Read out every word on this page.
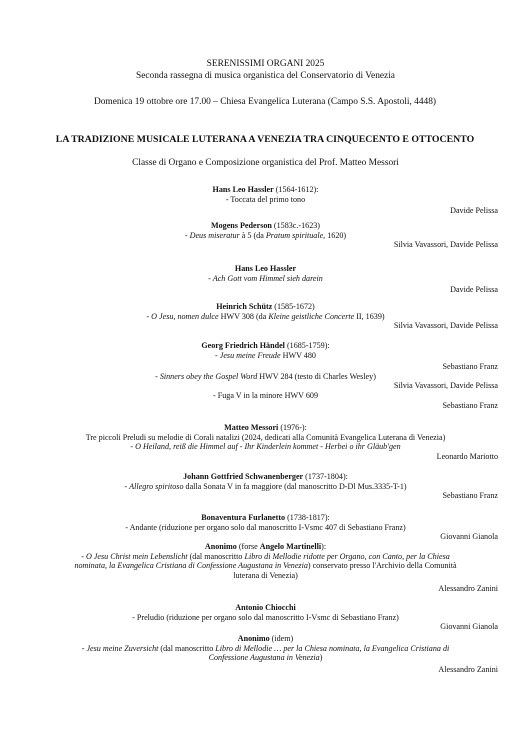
SERENISSIMI ORGANI 2025
Seconda rassegna di musica organistica del Conservatorio di Venezia
Domenica 19 ottobre ore 17.00 – Chiesa Evangelica Luterana (Campo S.S. Apostoli, 4448)
LA TRADIZIONE MUSICALE LUTERANA A VENEZIA TRA CINQUECENTO E OTTOCENTO
Classe di Organo e Composizione organistica del Prof. Matteo Messori
Hans Leo Hassler (1564-1612):
- Toccata del primo tono
Davide Pelissa
Mogens Pederson (1583c.-1623)
- Deus miseratur à 5 (da Pratum spirituale, 1620)
Silvia Vavassori, Davide Pelissa
Hans Leo Hassler
- Ach Gott vom Himmel sieh darein
Davide Pelissa
Heinrich Schütz (1585-1672)
- O Jesu, nomen dulce HWV 308 (da Kleine geistliche Concerte II, 1639)
Silvia Vavassori, Davide Pelissa
Georg Friedrich Händel (1685-1759):
- Jesu meine Freude HWV 480
Sebastiano Franz
- Sinners obey the Gospel Word HWV 284 (testo di Charles Wesley)
Silvia Vavassori, Davide Pelissa
- Fuga V in la minore HWV 609
Sebastiano Franz
Matteo Messori (1976-):
Tre piccoli Preludi su melodie di Corali natalizi (2024, dedicati alla Comunità Evangelica Luterana di Venezia)
- O Heiland, reiß die Himmel auf - Ihr Kinderlein kommet - Herbei o ihr Gläub'gen
Leonardo Mariotto
Johann Gottfried Schwanenberger (1737-1804):
- Allegro spiritoso dalla Sonata V in fa maggiore (dal manoscritto D-Dl Mus.3335-T-1)
Sebastiano Franz
Bonaventura Furlanetto (1738-1817):
- Andante (riduzione per organo solo dal manoscritto I-Vsmc 407 di Sebastiano Franz)
Giovanni Gianola
Anonimo (forse Angelo Martinelli):
- O Jesu Christ mein Lebenslicht (dal manoscritto Libro di Mellodie ridotte per Organo, con Canto, per la Chiesa
nominata, la Evangelica Cristiana di Confessione Augustana in Venezia) conservato presso l'Archivio della Comunità
luterana di Venezia)
Alessandro Zanini
Antonio Chiocchi
- Preludio (riduzione per organo solo dal manoscritto I-Vsmc di Sebastiano Franz)
Giovanni Gianola
Anonimo (idem)
- Jesu meine Zuversicht (dal manoscritto Libro di Mellodie … per la Chiesa nominata, la Evangelica Cristiana di
Confessione Augustana in Venezia)
Alessandro Zanini
